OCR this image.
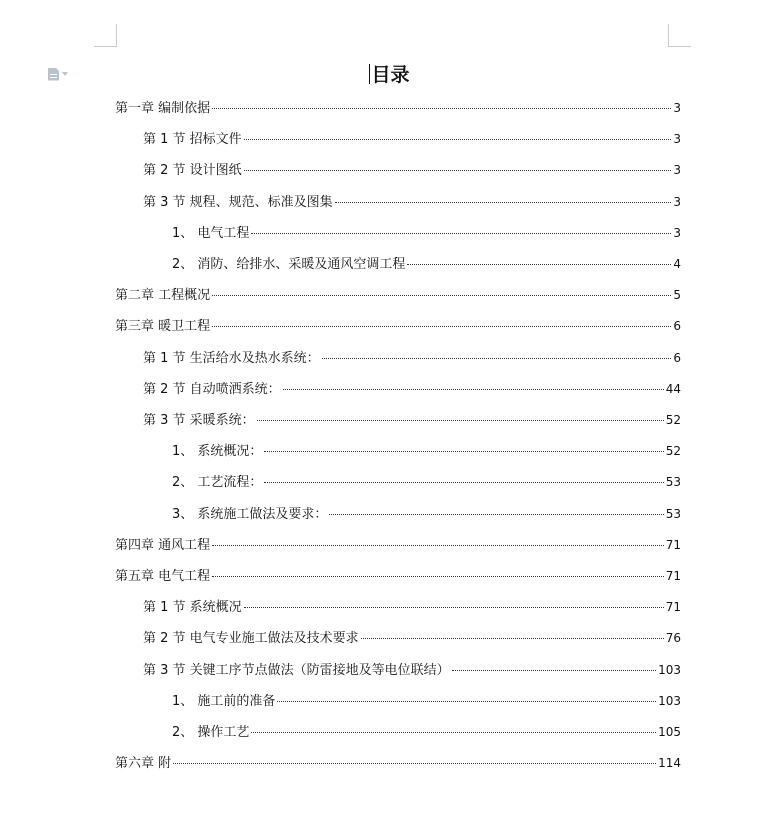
目录
第一章 编制依据	3
第 1 节 招标文件	3
第 2 节 设计图纸	3
第 3 节 规程、规范、标准及图集	3
1、 电气工程	3
2、 消防、给排水、采暖及通风空调工程	4
第二章 工程概况	5
第三章 暖卫工程	6
第 1 节 生活给水及热水系统：	6
第 2 节 自动喷洒系统：	44
第 3 节 采暖系统：	52
1、 系统概况：	52
2、 工艺流程：	53
3、 系统施工做法及要求：	53
第四章 通风工程	71
第五章 电气工程	71
第 1 节 系统概况	71
第 2 节 电气专业施工做法及技术要求	76
第 3 节 关键工序节点做法（防雷接地及等电位联结）	103
1、 施工前的准备	103
2、 操作工艺	105
第六章 附	114
